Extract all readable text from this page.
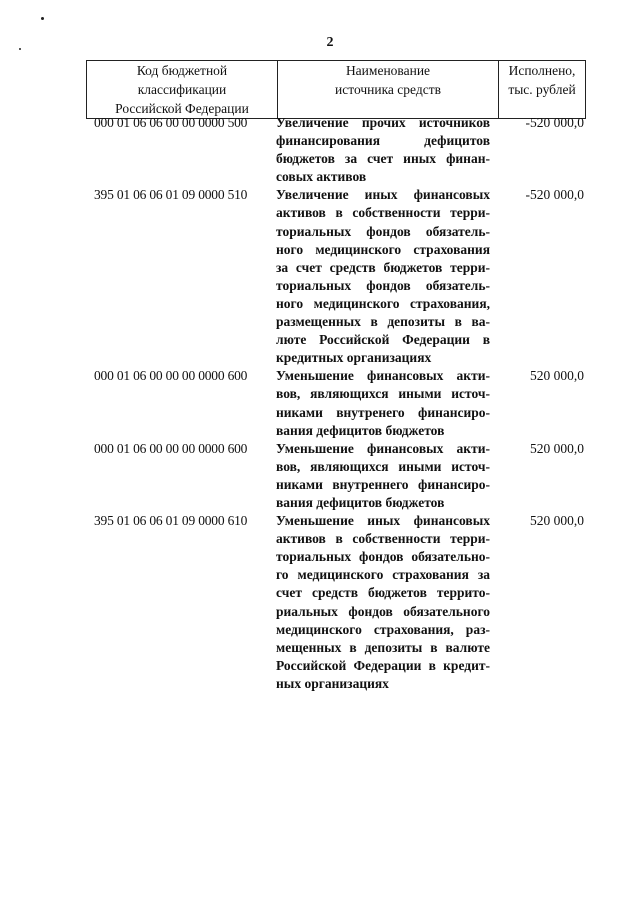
2
Код бюджетной
классификации
Российской Федерации

Наименование
источника средств

Исполнено,
тыс. рублей
000 01 06 06 00 00 0000 500	Увеличение прочих источников
финансирования дефицитов
бюджетов за счет иных финан-
совых активов
-520 000,0
395 01 06 06 01 09 0000 510	Увеличение иных финансовых
активов в собственности терри-
ториальных фондов обязатель-
ного медицинского страхования
за счет средств бюджетов терри-
ториальных фондов обязатель-
ного медицинского страхования,
размещенных в депозиты в ва-
люте Российской Федерации в
кредитных организациях
-520 000,0
000 01 06 00 00 00 0000 600	Уменьшение финансовых акти-
вов, являющихся иными источ-
никами внутренего финансиро-
вания дефицитов бюджетов
520 000,0
000 01 06 00 00 00 0000 600	Уменьшение финансовых акти-
вов, являющихся иными источ-
никами внутреннего финансиро-
вания дефицитов бюджетов
520 000,0
395 01 06 06 01 09 0000 610	Уменьшение иных финансовых
активов в собственности терри-
ториальных фондов обязательно-
го медицинского страхования за
счет средств бюджетов террито-
риальных фондов обязательного
медицинского страхования, раз-
мещенных в депозиты в валюте
Российской Федерации в кредит-
ных организациях
520 000,0
